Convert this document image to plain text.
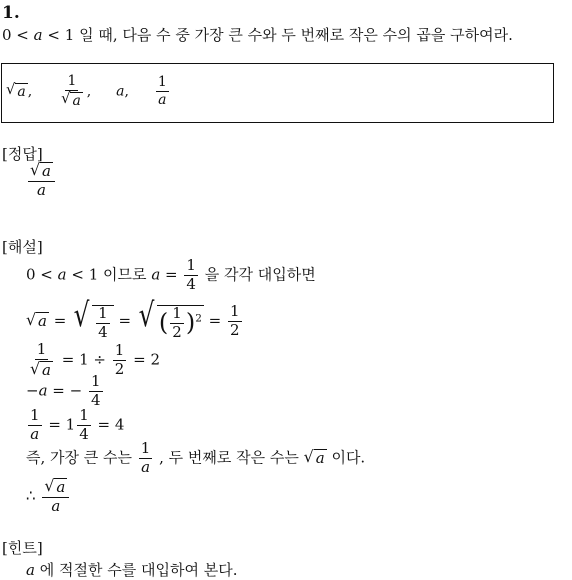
1.
0 < a < 1 일 때, 다음 수 중 가장 큰 수와 두 번째로 작은 수의 곱을 구하여라.
√ a , $\frac{1}{√ a}$ , a, $\frac{1}{a}$
[정답]
$\frac{√ a}{a}$
[해설]
0 < a < 1 이므로 $a = \frac{1}{4}$ 을 각각 대입하면
√ a = √ $\frac{1}{4}$ = √ ( $\frac{1}{2} )^2 = \frac{1}{2}$
$\frac{1}{√ a} = 1 \div \frac{1}{2} = 2$
−a = − $\frac{1}{4}$
$\frac{1}{a} = 1 \frac{1}{4} = 4$
즉, 가장 큰 수는 $\frac{1}{a}$ , 두 번째로 작은 수는 √ a 이다.
∴ $\frac{√ a}{a}$
[힌트]
a 에 적절한 수를 대입하여 본다.
